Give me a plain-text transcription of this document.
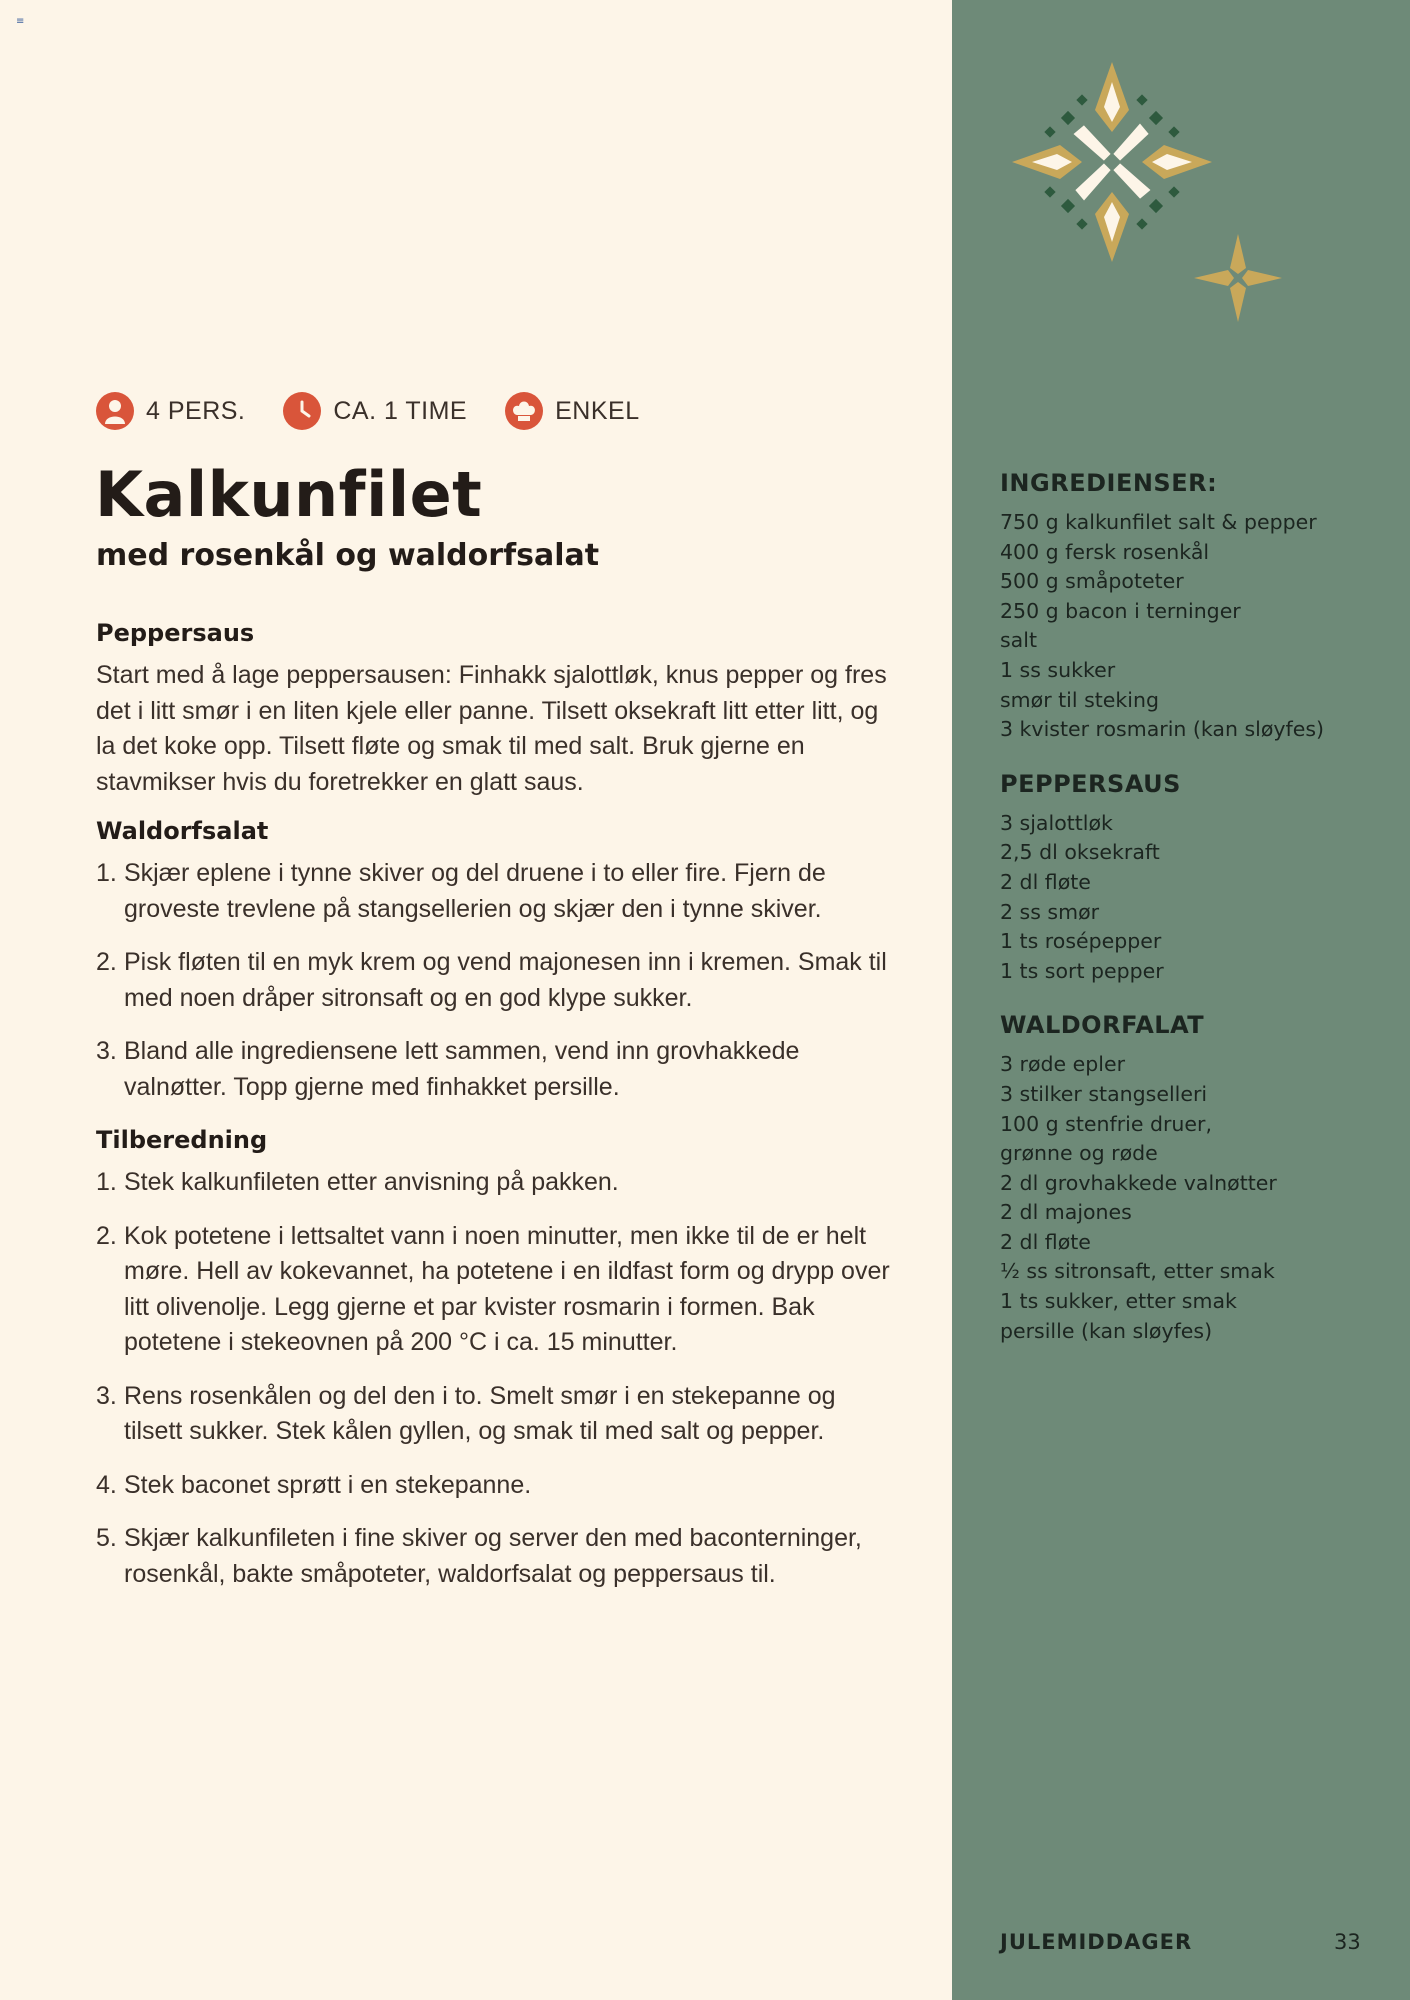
≡
4 PERS.	CA. 1 TIME	ENKEL
Kalkunfilet
med rosenkål og waldorfsalat
Peppersaus

Start med å lage peppersausen: Finhakk sjalottløk, knus pepper og fres det i litt smør i en liten kjele eller panne. Tilsett oksekraft litt etter litt, og la det koke opp. Tilsett fløte og smak til med salt. Bruk gjerne en stavmikser hvis du foretrekker en glatt saus.

Waldorfsalat
1. Skjær eplene i tynne skiver og del druene i to eller fire. Fjern de groveste trevlene på stangsellerien og skjær den i tynne skiver.
2. Pisk fløten til en myk krem og vend majonesen inn i kremen. Smak til med noen dråper sitronsaft og en god klype sukker.
3. Bland alle ingrediensene lett sammen, vend inn grovhakkede valnøtter. Topp gjerne med finhakket persille.
Tilberedning
1. Stek kalkunfileten etter anvisning på pakken.
2. Kok potetene i lettsaltet vann i noen minutter, men ikke til de er helt møre. Hell av kokevannet, ha potetene i en ildfast form og drypp over litt olivenolje. Legg gjerne et par kvister rosmarin i formen. Bak potetene i stekeovnen på 200 °C i ca. 15 minutter.
3. Rens rosenkålen og del den i to. Smelt smør i en stekepanne og tilsett sukker. Stek kålen gyllen, og smak til med salt og pepper.
4. Stek baconet sprøtt i en stekepanne.
5. Skjær kalkunfileten i fine skiver og server den med baconterninger, rosenkål, bakte småpoteter, waldorfsalat og peppersaus til.
INGREDIENSER:
750 g kalkunfilet salt & pepper
400 g fersk rosenkål
500 g småpoteter
250 g bacon i terninger
salt
1 ss sukker
smør til steking
3 kvister rosmarin (kan sløyfes)
PEPPERSAUS
3 sjalottløk
2,5 dl oksekraft
2 dl fløte
2 ss smør
1 ts rosépepper
1 ts sort pepper
WALDORFALAT
3 røde epler
3 stilker stangselleri
100 g stenfrie druer,
grønne og røde
2 dl grovhakkede valnøtter
2 dl majones
2 dl fløte
½ ss sitronsaft, etter smak
1 ts sukker, etter smak
persille (kan sløyfes)
JULEMIDDAGER	33
